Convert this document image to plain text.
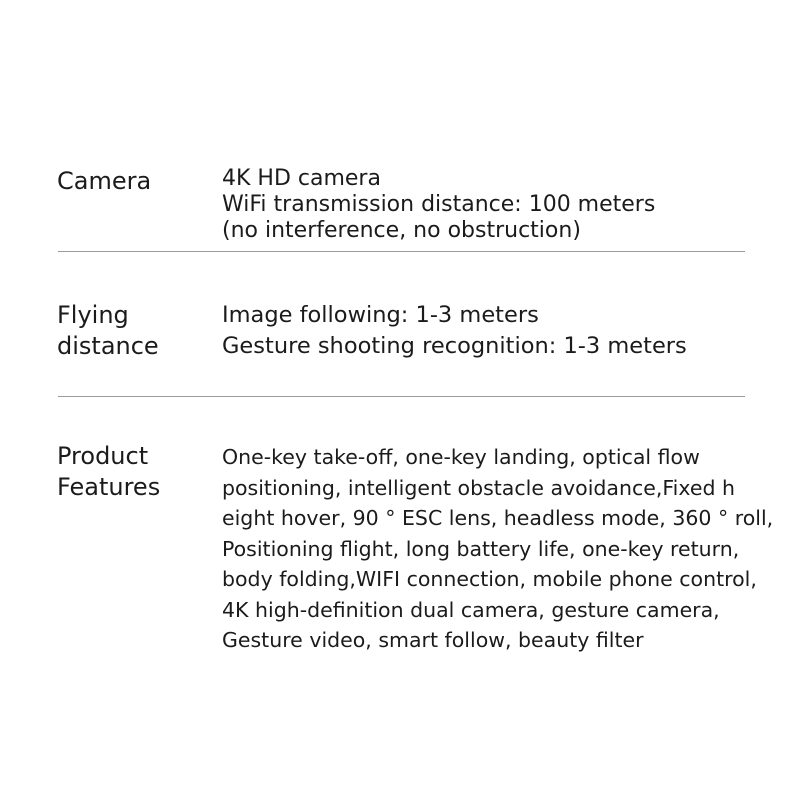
Camera	4K HD camera
WiFi transmission distance: 100 meters
(no interference, no obstruction)
Flying
distance
Image following: 1-3 meters
Gesture shooting recognition: 1-3 meters
Product
Features
One-key take-off, one-key landing, optical flow
positioning, intelligent obstacle avoidance,Fixed h
eight hover, 90 ° ESC lens, headless mode, 360 ° roll,
Positioning flight, long battery life, one-key return,
body folding,WIFI connection, mobile phone control,
4K high-definition dual camera, gesture camera,
Gesture video, smart follow, beauty filter
